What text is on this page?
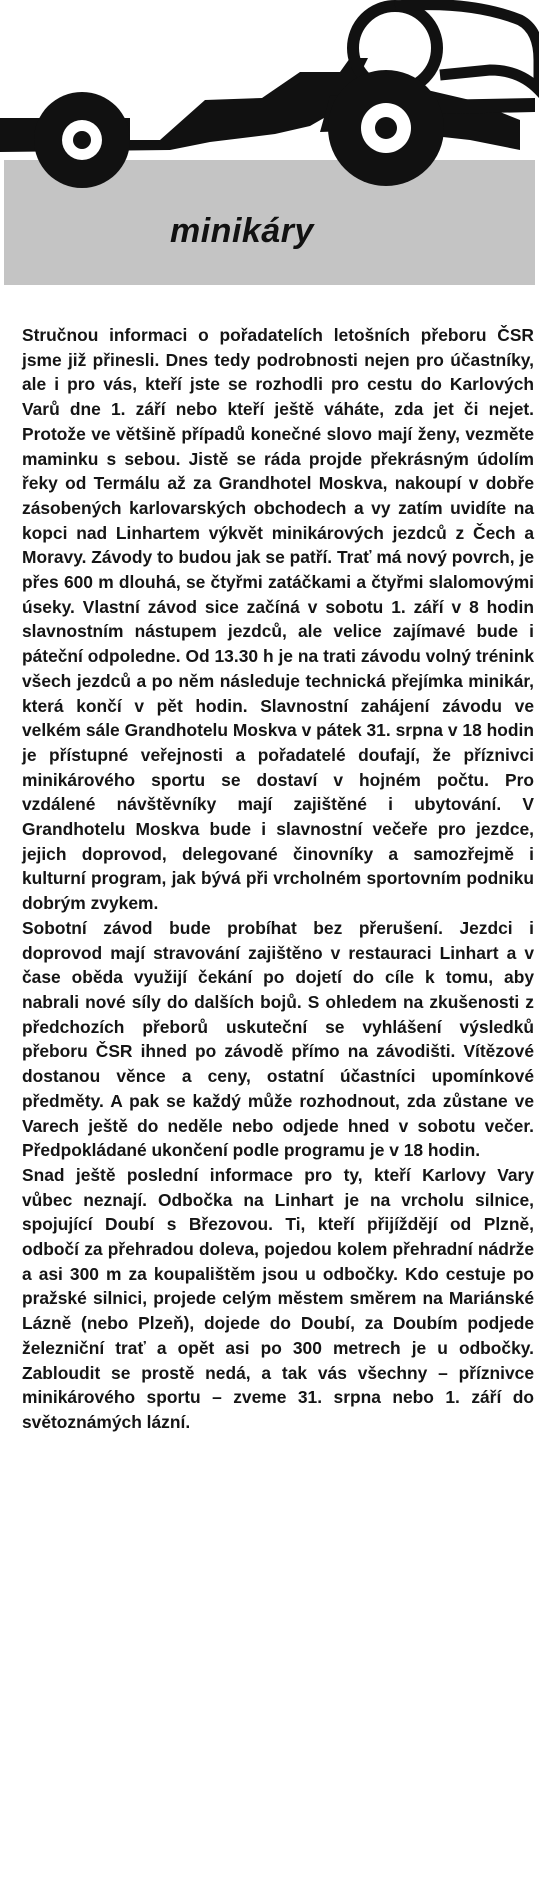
minikáry

Stručnou informaci o pořadatelích letošních přeboru ČSR jsme již přinesli. Dnes tedy podrobnosti nejen pro účastníky, ale i pro vás, kteří jste se rozhodli pro cestu do Karlových Varů dne 1. září nebo kteří ještě váháte, zda jet či nejet. Protože ve většině případů konečné slovo mají ženy, vezměte maminku s sebou. Jistě se ráda projde překrásným údolím řeky od Termálu až za Grandhotel Moskva, nakoupí v dobře zásobených karlovarských obchodech a vy zatím uvidíte na kopci nad Linhartem výkvět minikárových jezdců z Čech a Moravy. Závody to budou jak se patří. Trať má nový povrch, je přes 600 m dlouhá, se čtyřmi zatáčkami a čtyřmi slalomovými úseky. Vlastní závod sice začíná v sobotu 1. září v 8 hodin slavnostním nástupem jezdců, ale velice zajímavé bude i páteční odpoledne. Od 13.30 h je na trati závodu volný trénink všech jezdců a po něm následuje technická přejímka minikár, která končí v pět hodin. Slavnostní zahájení závodu ve velkém sále Grandhotelu Moskva v pátek 31. srpna v 18 hodin je přístupné veřejnosti a pořadatelé doufají, že příznivci minikárového sportu se dostaví v hojném počtu. Pro vzdálené návštěvníky mají zajištěné i ubytování. V Grandhotelu Moskva bude i slavnostní večeře pro jezdce, jejich doprovod, delegované činovníky a samozřejmě i kulturní program, jak bývá při vrcholném sportovním podniku dobrým zvykem.

Sobotní závod bude probíhat bez přerušení. Jezdci i doprovod mají stravování zajištěno v restauraci Linhart a v čase oběda využijí čekání po dojetí do cíle k tomu, aby nabrali nové síly do dalších bojů. S ohledem na zkušenosti z předchozích přeborů uskuteční se vyhlášení výsledků přeboru ČSR ihned po závodě přímo na závodišti. Vítězové dostanou věnce a ceny, ostatní účastníci upomínkové předměty. A pak se každý může rozhodnout, zda zůstane ve Varech ještě do neděle nebo odjede hned v sobotu večer. Předpokládané ukončení podle programu je v 18 hodin.

Snad ještě poslední informace pro ty, kteří Karlovy Vary vůbec neznají. Odbočka na Linhart je na vrcholu silnice, spojující Doubí s Březovou. Ti, kteří přijíždějí od Plzně, odbočí za přehradou doleva, pojedou kolem přehradní nádrže a asi 300 m za koupalištěm jsou u odbočky. Kdo cestuje po pražské silnici, projede celým městem směrem na Mariánské Lázně (nebo Plzeň), dojede do Doubí, za Doubím podjede železniční trať a opět asi po 300 metrech je u odbočky. Zabloudit se prostě nedá, a tak vás všechny – příznivce minikárového sportu – zveme 31. srpna nebo 1. září do světoznámých lázní.
